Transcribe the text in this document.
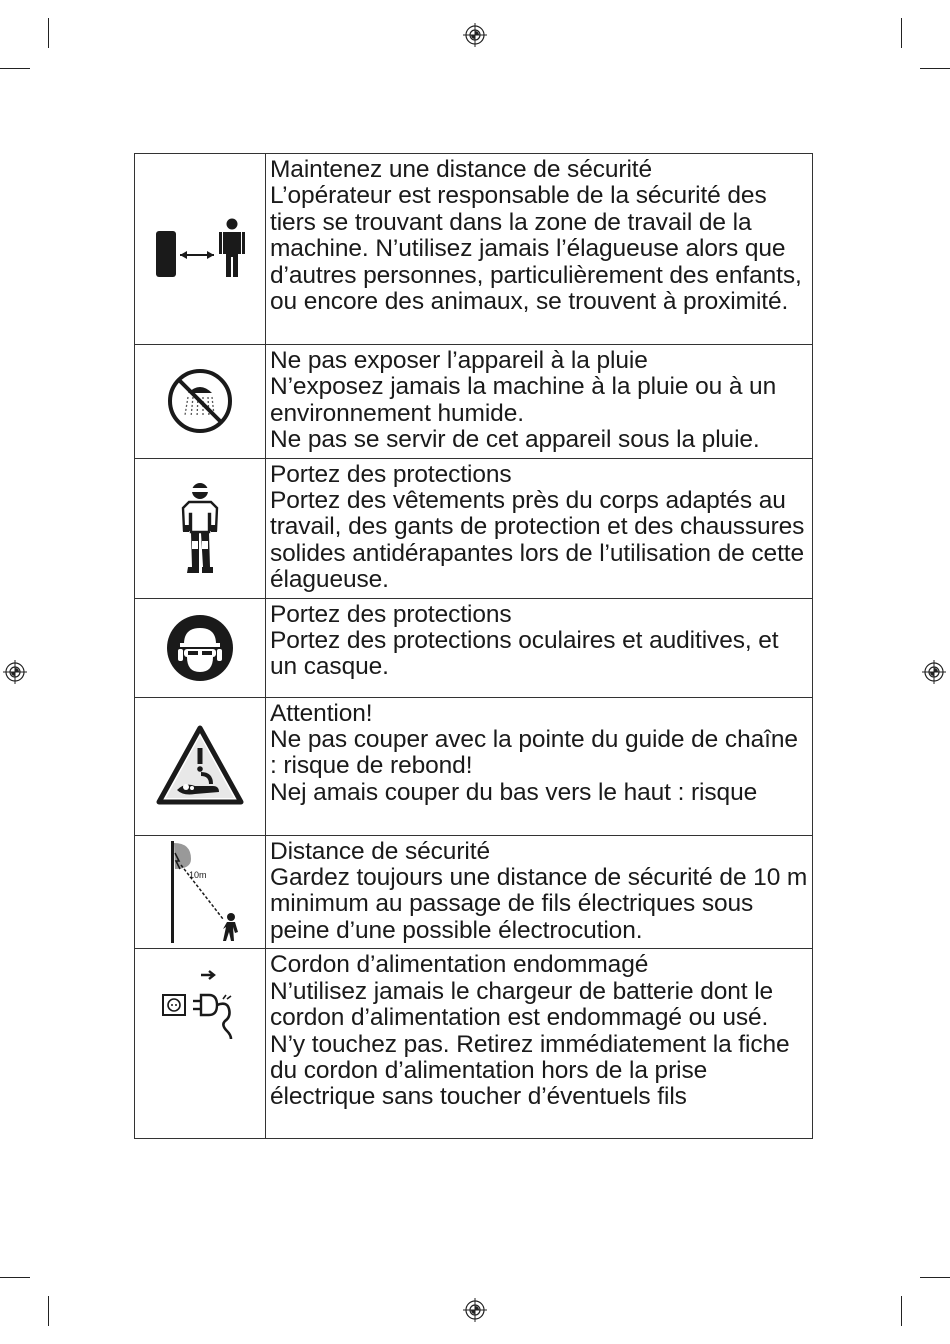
Maintenez une distance de sécurité
L’opérateur est responsable de la sécurité des tiers se trouvant dans la zone de travail de la machine. N’utilisez jamais l’élagueuse alors que d’autres personnes, particulièrement des enfants, ou encore des animaux, se trouvent à proximité.

Ne pas exposer l’appareil à la pluie
N’exposez jamais la machine à la pluie ou à un environnement humide.
Ne pas se servir de cet appareil sous la pluie.

Portez des protections
Portez des vêtements près du corps adaptés au travail, des gants de protection et des chaussures solides antidérapantes lors de l’utilisation de cette élagueuse.

Portez des protections
Portez des protections oculaires et auditives, et un casque.

Attention!
Ne pas couper avec la pointe du guide de chaîne : risque de rebond!
Nej amais couper du bas vers le haut : risque

10m	Distance de sécurité
Gardez toujours une distance de sécurité de 10 m minimum au passage de fils électriques sous peine d’une possible électrocution.

Cordon d’alimentation endommagé
N’utilisez jamais le chargeur de batterie dont le cordon d’alimentation est endommagé ou usé. N’y touchez pas. Retirez immédiatement la fiche du cordon d’alimentation hors de la prise électrique sans toucher d’éventuels fils
